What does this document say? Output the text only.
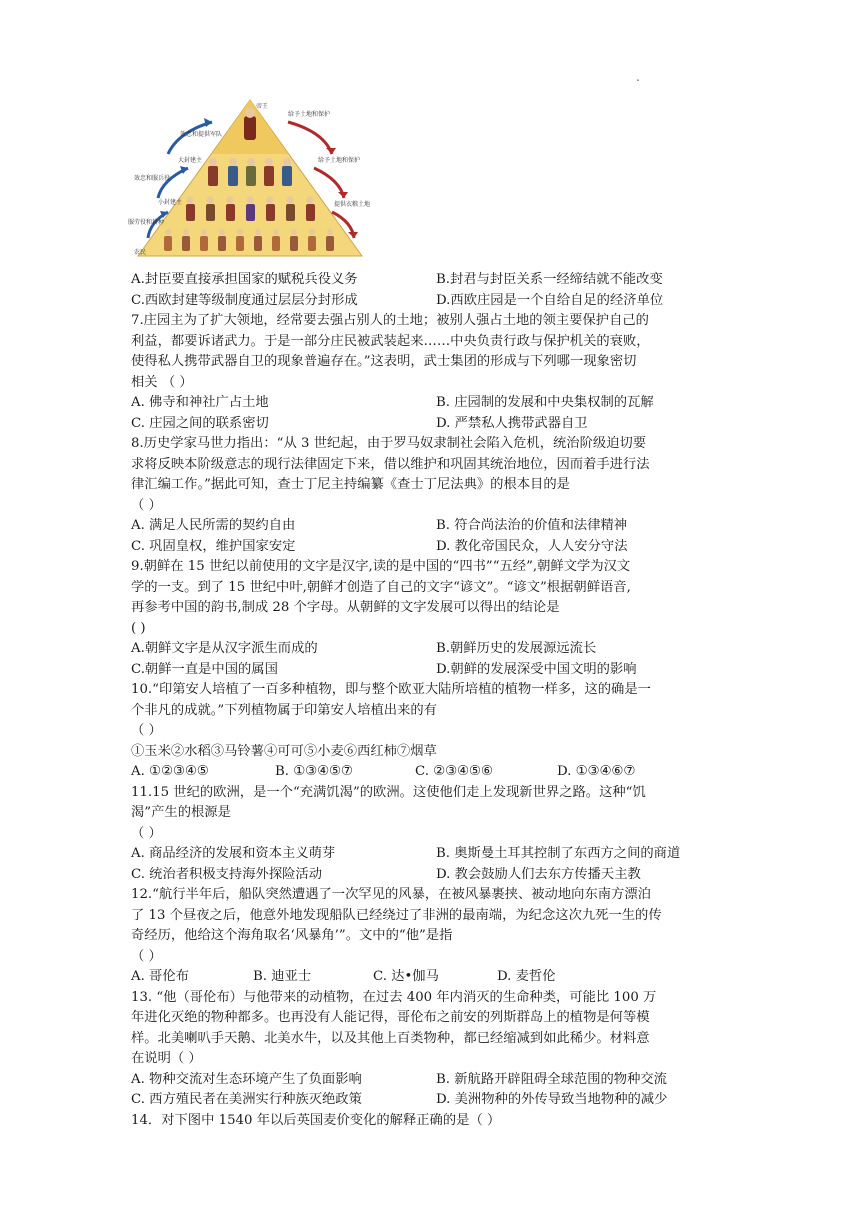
.
效忠和提供军队
效忠和服兵役
服劳役和耕种
给予土地和保护
给予土地和保护
提供衣粮土地
帝王
大封建主
小封建主
农民
A.封臣要直接承担国家的赋税兵役义务	B.封君与封臣关系一经缔结就不能改变
C.西欧封建等级制度通过层层分封形成	D.西欧庄园是一个自给自足的经济单位
7.庄园主为了扩大领地，经常要去强占别人的土地；被别人强占土地的领主要保护自己的
利益，都要诉诸武力。于是一部分庄民被武装起来……中央负责行政与保护机关的衰败，
使得私人携带武器自卫的现象普遍存在。”这表明，武士集团的形成与下列哪一现象密切
相关 （ ）
A. 佛寺和神社广占土地	B. 庄园制的发展和中央集权制的瓦解
C. 庄园之间的联系密切	D. 严禁私人携带武器自卫
8.历史学家马世力指出：“从 3 世纪起，由于罗马奴隶制社会陷入危机，统治阶级迫切要
求将反映本阶级意志的现行法律固定下来，借以维护和巩固其统治地位，因而着手进行法
律汇编工作。”据此可知，查士丁尼主持编纂《查士丁尼法典》的根本目的是
（ ）
A. 满足人民所需的契约自由	B. 符合尚法治的价值和法律精神
C. 巩固皇权，维护国家安定	D. 教化帝国民众，人人安分守法
9.朝鲜在 15 世纪以前使用的文字是汉字,读的是中国的“四书”“五经”,朝鲜文学为汉文
学的一支。到了 15 世纪中叶,朝鲜才创造了自己的文字“谚文”。“谚文”根据朝鲜语音,
再参考中国的韵书,制成 28 个字母。从朝鲜的文字发展可以得出的结论是
( )
A.朝鲜文字是从汉字派生而成的	B.朝鲜历史的发展源远流长
C.朝鲜一直是中国的属国	D.朝鲜的发展深受中国文明的影响
10.“印第安人培植了一百多种植物，即与整个欧亚大陆所培植的植物一样多，这的确是一
个非凡的成就。”下列植物属于印第安人培植出来的有
（ ）
①玉米②水稻③马铃薯④可可⑤小麦⑥西红柿⑦烟草
A. ①②③④⑤	B. ①③④⑤⑦	C. ②③④⑤⑥	D. ①③④⑥⑦
11.15 世纪的欧洲，是一个“充满饥渴”的欧洲。这使他们走上发现新世界之路。这种“饥
渴”产生的根源是
（ ）
A. 商品经济的发展和资本主义萌芽	B. 奥斯曼土耳其控制了东西方之间的商道
C. 统治者积极支持海外探险活动	D. 教会鼓励人们去东方传播天主教
12.“航行半年后，船队突然遭遇了一次罕见的风暴，在被风暴裹挟、被动地向东南方漂泊
了 13 个昼夜之后，他意外地发现船队已经绕过了非洲的最南端，为纪念这次九死一生的传
奇经历，他给这个海角取名‘风暴角’”。文中的“他”是指
（ ）
A. 哥伦布	B. 迪亚士	C. 达•伽马	D. 麦哲伦
13. “他（哥伦布）与他带来的动植物，在过去 400 年内消灭的生命种类，可能比 100 万
年进化灭绝的物种都多。也再没有人能记得，哥伦布之前安的列斯群岛上的植物是何等模
样。北美喇叭手天鹅、北美水牛，以及其他上百类物种，都已经缩减到如此稀少。材料意
在说明（ ）
A. 物种交流对生态环境产生了负面影响	B. 新航路开辟阻碍全球范围的物种交流
C. 西方殖民者在美洲实行种族灭绝政策	D. 美洲物种的外传导致当地物种的减少
14．对下图中 1540 年以后英国麦价变化的解释正确的是（ ）
